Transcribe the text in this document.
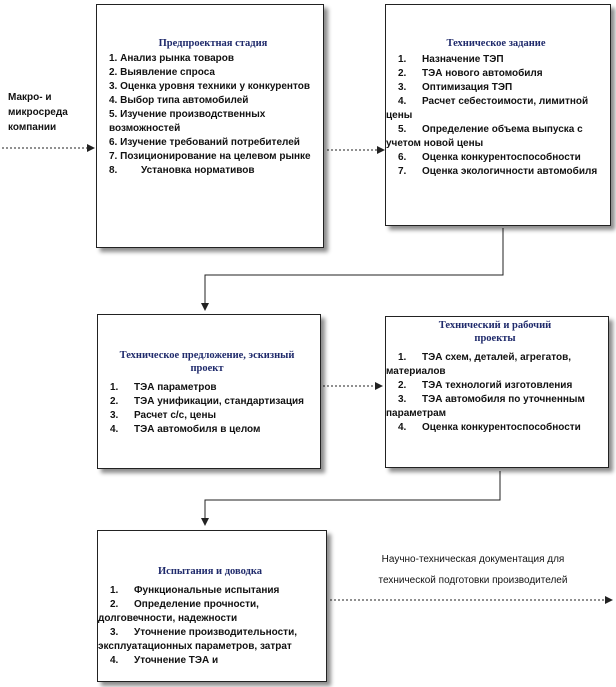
Макро- и
микросреда
компании
Предпроектная стадия
1. Анализ рынка товаров
2. Выявление спроса
3. Оценка уровня техники у конкурентов
4. Выбор типа автомобилей
5. Изучение производственных возможностей
6. Изучение требований потребителей
7. Позиционирование на целевом рынке
8. Установка нормативов
Техническое задание
1. Назначение ТЭП
2. ТЭА нового автомобиля
3. Оптимизация ТЭП
4. Расчет себестоимости, лимитной цены
5. Определение объема выпуска с учетом новой цены
6. Оценка конкурентоспособности
7. Оценка экологичности автомобиля
Техническое предложение, эскизный проект
1. ТЭА параметров
2. ТЭА унификации, стандартизация
3. Расчет с/с, цены
4. ТЭА автомобиля в целом
Технический и рабочий проекты
1. ТЭА схем, деталей, агрегатов, материалов
2. ТЭА технологий изготовления
3. ТЭА автомобиля по уточненным параметрам
4. Оценка конкурентоспособности
Испытания и доводка
1. Функциональные испытания
2. Определение прочности, долговечности, надежности
3. Уточнение производительности, эксплуатационных параметров, затрат
4. Уточнение ТЭА и
Научно-техническая документация для
технической подготовки производителей
